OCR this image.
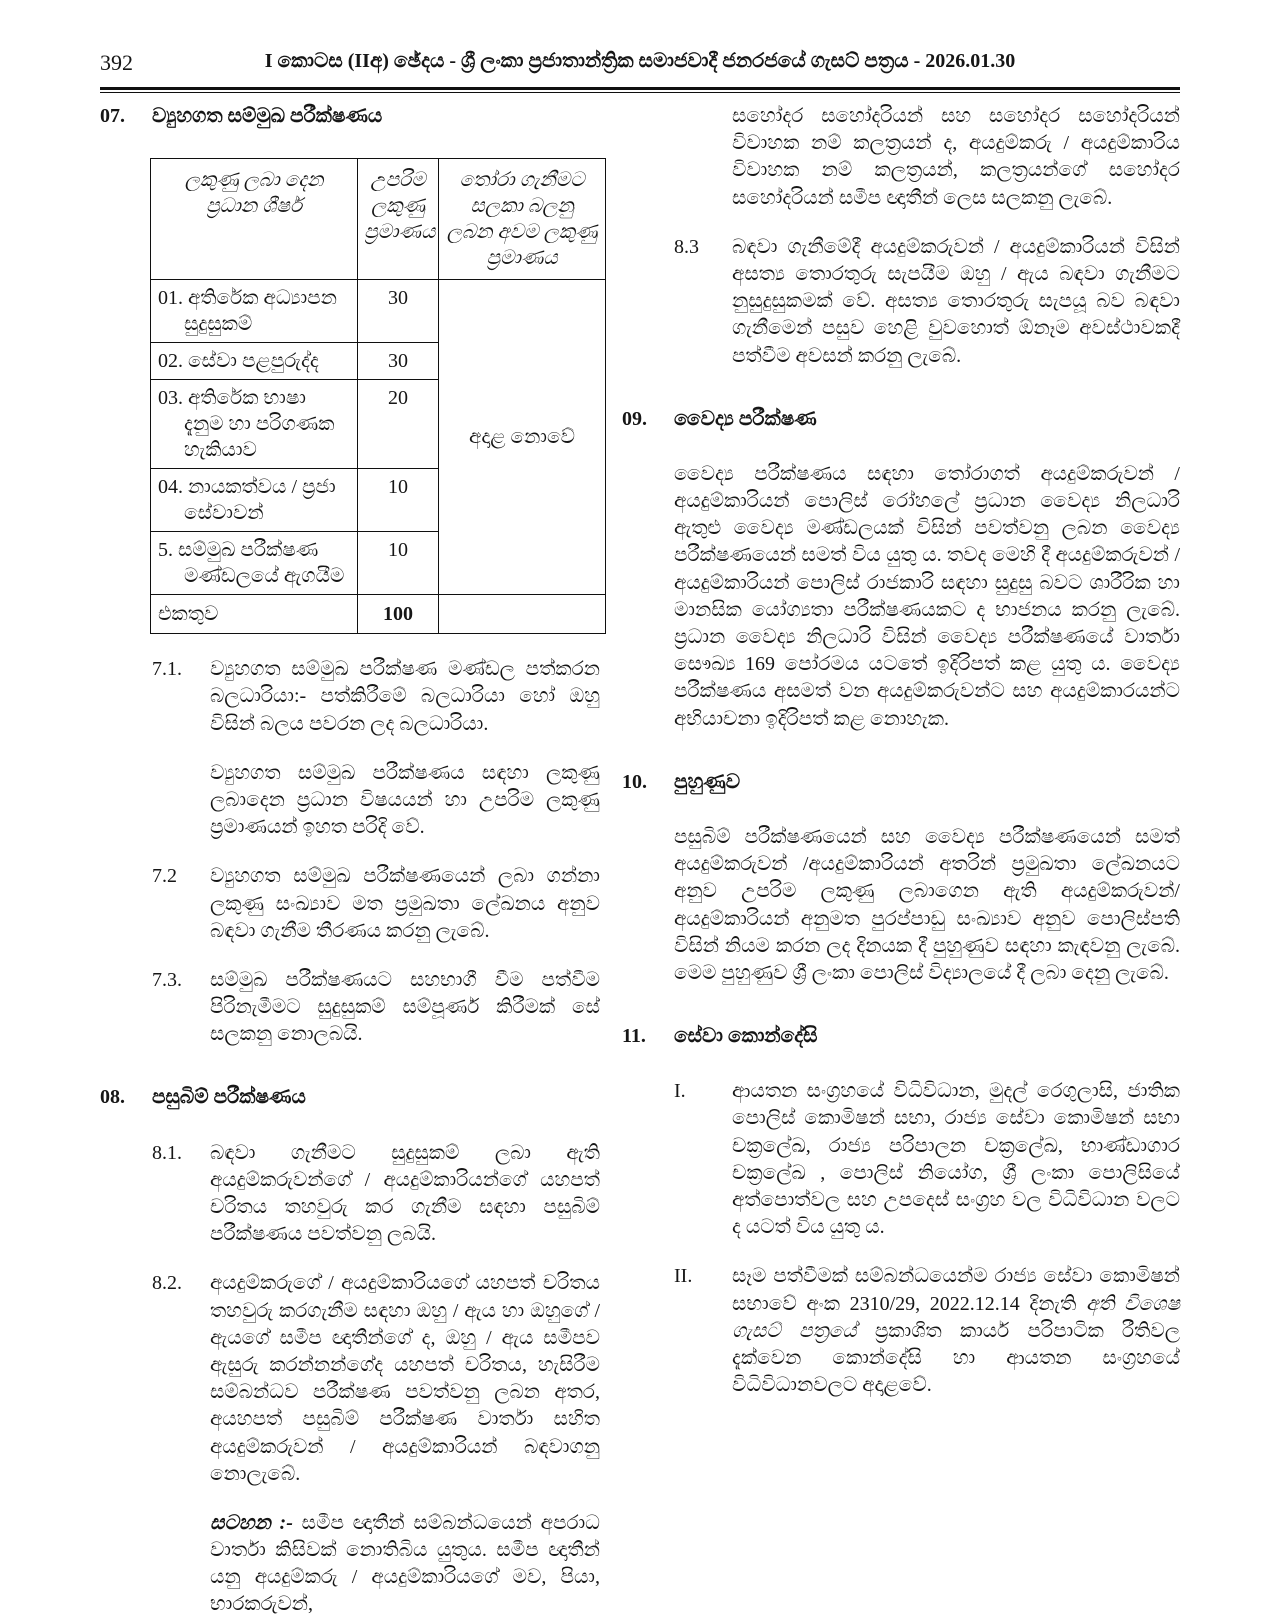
392	I කොටස (IIඅ) ඡේදය - ශ්‍රී ලංකා ප්‍රජාතාන්ත්‍රික සමාජවාදී ජනරජයේ ගැසට් පත්‍රය - 2026.01.30
07.	ව්‍යුහගත සම්මුඛ පරීක්ෂණය
ලකුණු ලබා දෙන ප්‍රධාන ශීර්ෂ	උපරිම ලකුණු ප්‍රමාණය	තෝරා ගැනීමට සලකා බලනු ලබන අවම ලකුණු ප්‍රමාණය
01. අතිරේක අධ්‍යාපන සුදුසුකම්	30	අදාළ නොවේ
02. සේවා පළපුරුද්ද	30	
03. අතිරේක භාෂා දැනුම හා පරිගණක හැකියාව	20	
04. නායකත්වය / ප්‍රජා සේවාවන්	10	
5. සම්මුඛ පරීක්ෂණ මණ්ඩලයේ ඇගයීම	10	
එකතුව	100	
7.1.	ව්‍යුහගත සම්මුඛ පරීක්ෂණ මණ්ඩල පත්කරන බලධාරියා:- පත්කිරීමේ බලධාරියා හෝ ඔහු විසින් බලය පවරන ලද බලධාරියා.
ව්‍යුහගත සම්මුඛ පරීක්ෂණය සඳහා ලකුණු ලබාදෙන ප්‍රධාන විෂයයන් හා උපරිම ලකුණු ප්‍රමාණයන් ඉහත පරිදි වේ.
7.2	ව්‍යුහගත සම්මුඛ පරීක්ෂණයෙන් ලබා ගන්නා ලකුණු සංඛ්‍යාව මත ප්‍රමුඛතා ලේඛනය අනුව බඳවා ගැනීම තීරණය කරනු ලැබේ.
7.3.	සම්මුඛ පරීක්ෂණයට සහභාගී වීම පත්වීම පිරිනැමීමට සුදුසුකම් සම්පූර්ණ කිරීමක් සේ සලකනු නොලබයි.
08.	පසුබිම් පරීක්ෂණය
8.1.	බඳවා ගැනීමට සුදුසුකම් ලබා ඇති අයදුම්කරුවන්ගේ / අයදුම්කාරියන්ගේ යහපත් චරිතය තහවුරු කර ගැනීම සඳහා පසුබිම් පරීක්ෂණය පවත්වනු ලබයි.
8.2.	අයදුම්කරුගේ / අයදුම්කාරියගේ යහපත් චරිතය තහවුරු කරගැනීම සඳහා ඔහු / ඇය හා ඔහුගේ / ඇයගේ සමීප ඥාතීන්ගේ ද, ඔහු / ඇය සමීපව ඇසුරු කරන්නන්ගේද යහපත් චරිතය, හැසිරීම සම්බන්ධව පරීක්ෂණ පවත්වනු ලබන අතර, අයහපත් පසුබිම් පරීක්ෂණ වාර්තා සහිත අයදුම්කරුවන් / අයදුම්කාරියන් බඳවාගනු නොලැබේ.
සටහන :- සමීප ඥාතීන් සම්බන්ධයෙන් අපරාධ වාර්තා කිසිවක් නොතිබිය යුතුය. සමීප ඥාතීන් යනු අයදුම්කරු / අයදුම්කාරියගේ මව, පියා, භාරකරුවන්,
සහෝදර සහෝදරියන් සහ සහෝදර සහෝදරියන් විවාහක නම් කලත්‍රයන් ද, අයදුම්කරු / අයදුම්කාරිය විවාහක නම් කලත්‍රයන්, කලත්‍රයන්ගේ සහෝදර සහෝදරියන් සමීප ඥාතීන් ලෙස සලකනු ලැබේ.
8.3	බඳවා ගැනීමේදී අයදුම්කරුවන් / අයදුම්කාරියන් විසින් අසත්‍ය තොරතුරු සැපයීම ඔහු / ඇය බඳවා ගැනීමට නුසුදුසුකමක් වේ. අසත්‍ය තොරතුරු සැපයූ බව බඳවා ගැනීමෙන් පසුව හෙළි වුවහොත් ඕනෑම අවස්ථාවකදී පත්වීම අවසන් කරනු ලැබේ.
09.	වෛද්‍ය පරීක්ෂණ
වෛද්‍ය පරීක්ෂණය සඳහා තෝරාගත් අයදුම්කරුවන් / අයදුම්කාරියන් පොලිස් රෝහලේ ප්‍රධාන වෛද්‍ය නිලධාරි ඇතුළු වෛද්‍ය මණ්ඩලයක් විසින් පවත්වනු ලබන වෛද්‍ය පරීක්ෂණයෙන් සමත් විය යුතු ය. තවද මෙහි දී අයදුම්කරුවන් / අයදුම්කාරියන් පොලිස් රාජකාරි සඳහා සුදුසු බවට ශාරීරික හා මානසික යෝග්‍යතා පරීක්ෂණයකට ද භාජනය කරනු ලැබේ. ප්‍රධාන වෛද්‍ය නිලධාරි විසින් වෛද්‍ය පරීක්ෂණයේ වාර්තා සෞඛ්‍ය 169 පෝරමය යටතේ ඉදිරිපත් කළ යුතු ය. වෛද්‍ය පරීක්ෂණය අසමත් වන අයදුම්කරුවන්ට සහ අයදුම්කාරයන්ට අභියාචනා ඉදිරිපත් කළ නොහැක.
10.	පුහුණුව
පසුබිම් පරීක්ෂණයෙන් සහ වෛද්‍ය පරීක්ෂණයෙන් සමත් අයදුම්කරුවන් /අයදුම්කාරියන් අතරින් ප්‍රමුඛතා ලේඛනයට අනුව උපරිම ලකුණු ලබාගෙන ඇති අයදුම්කරුවන්/ අයදුම්කාරියන් අනුමත පුරප්පාඩු සංඛ්‍යාව අනුව පොලිස්පති විසින් නියම කරන ලද දිනයක දී පුහුණුව සඳහා කැඳවනු ලැබේ. මෙම පුහුණුව ශ්‍රී ලංකා පොලිස් විද්‍යාලයේ දී ලබා දෙනු ලැබේ.
11.	සේවා කොන්දේසි
I.	ආයතන සංග්‍රහයේ විධිවිධාන, මුදල් රෙගුලාසි, ජාතික පොලිස් කොමිෂන් සභා, රාජ්‍ය සේවා කොමිෂන් සභා චක්‍රලේඛ, රාජ්‍ය පරිපාලන චක්‍රලේඛ, භාණ්ඩාගාර චක්‍රලේඛ , පොලිස් නියෝග, ශ්‍රී ලංකා පොලිසියේ අත්පොත්වල සහ උපදෙස් සංග්‍රහ වල විධිවිධාන වලට ද යටත් විය යුතු ය.
II.	සෑම පත්වීමක් සම්බන්ධයෙන්ම රාජ්‍ය සේවා කොමිෂන් සභාවේ අංක 2310/29, 2022.12.14 දිනැති අති විශෙෂ ගැසට් පත්‍රයේ ප්‍රකාශිත කාර්ය පරිපාටික රීතිවල දැක්වෙන කොන්දේසි හා ආයතන සංග්‍රහයේ විධිවිධානවලට අදාළවේ.
